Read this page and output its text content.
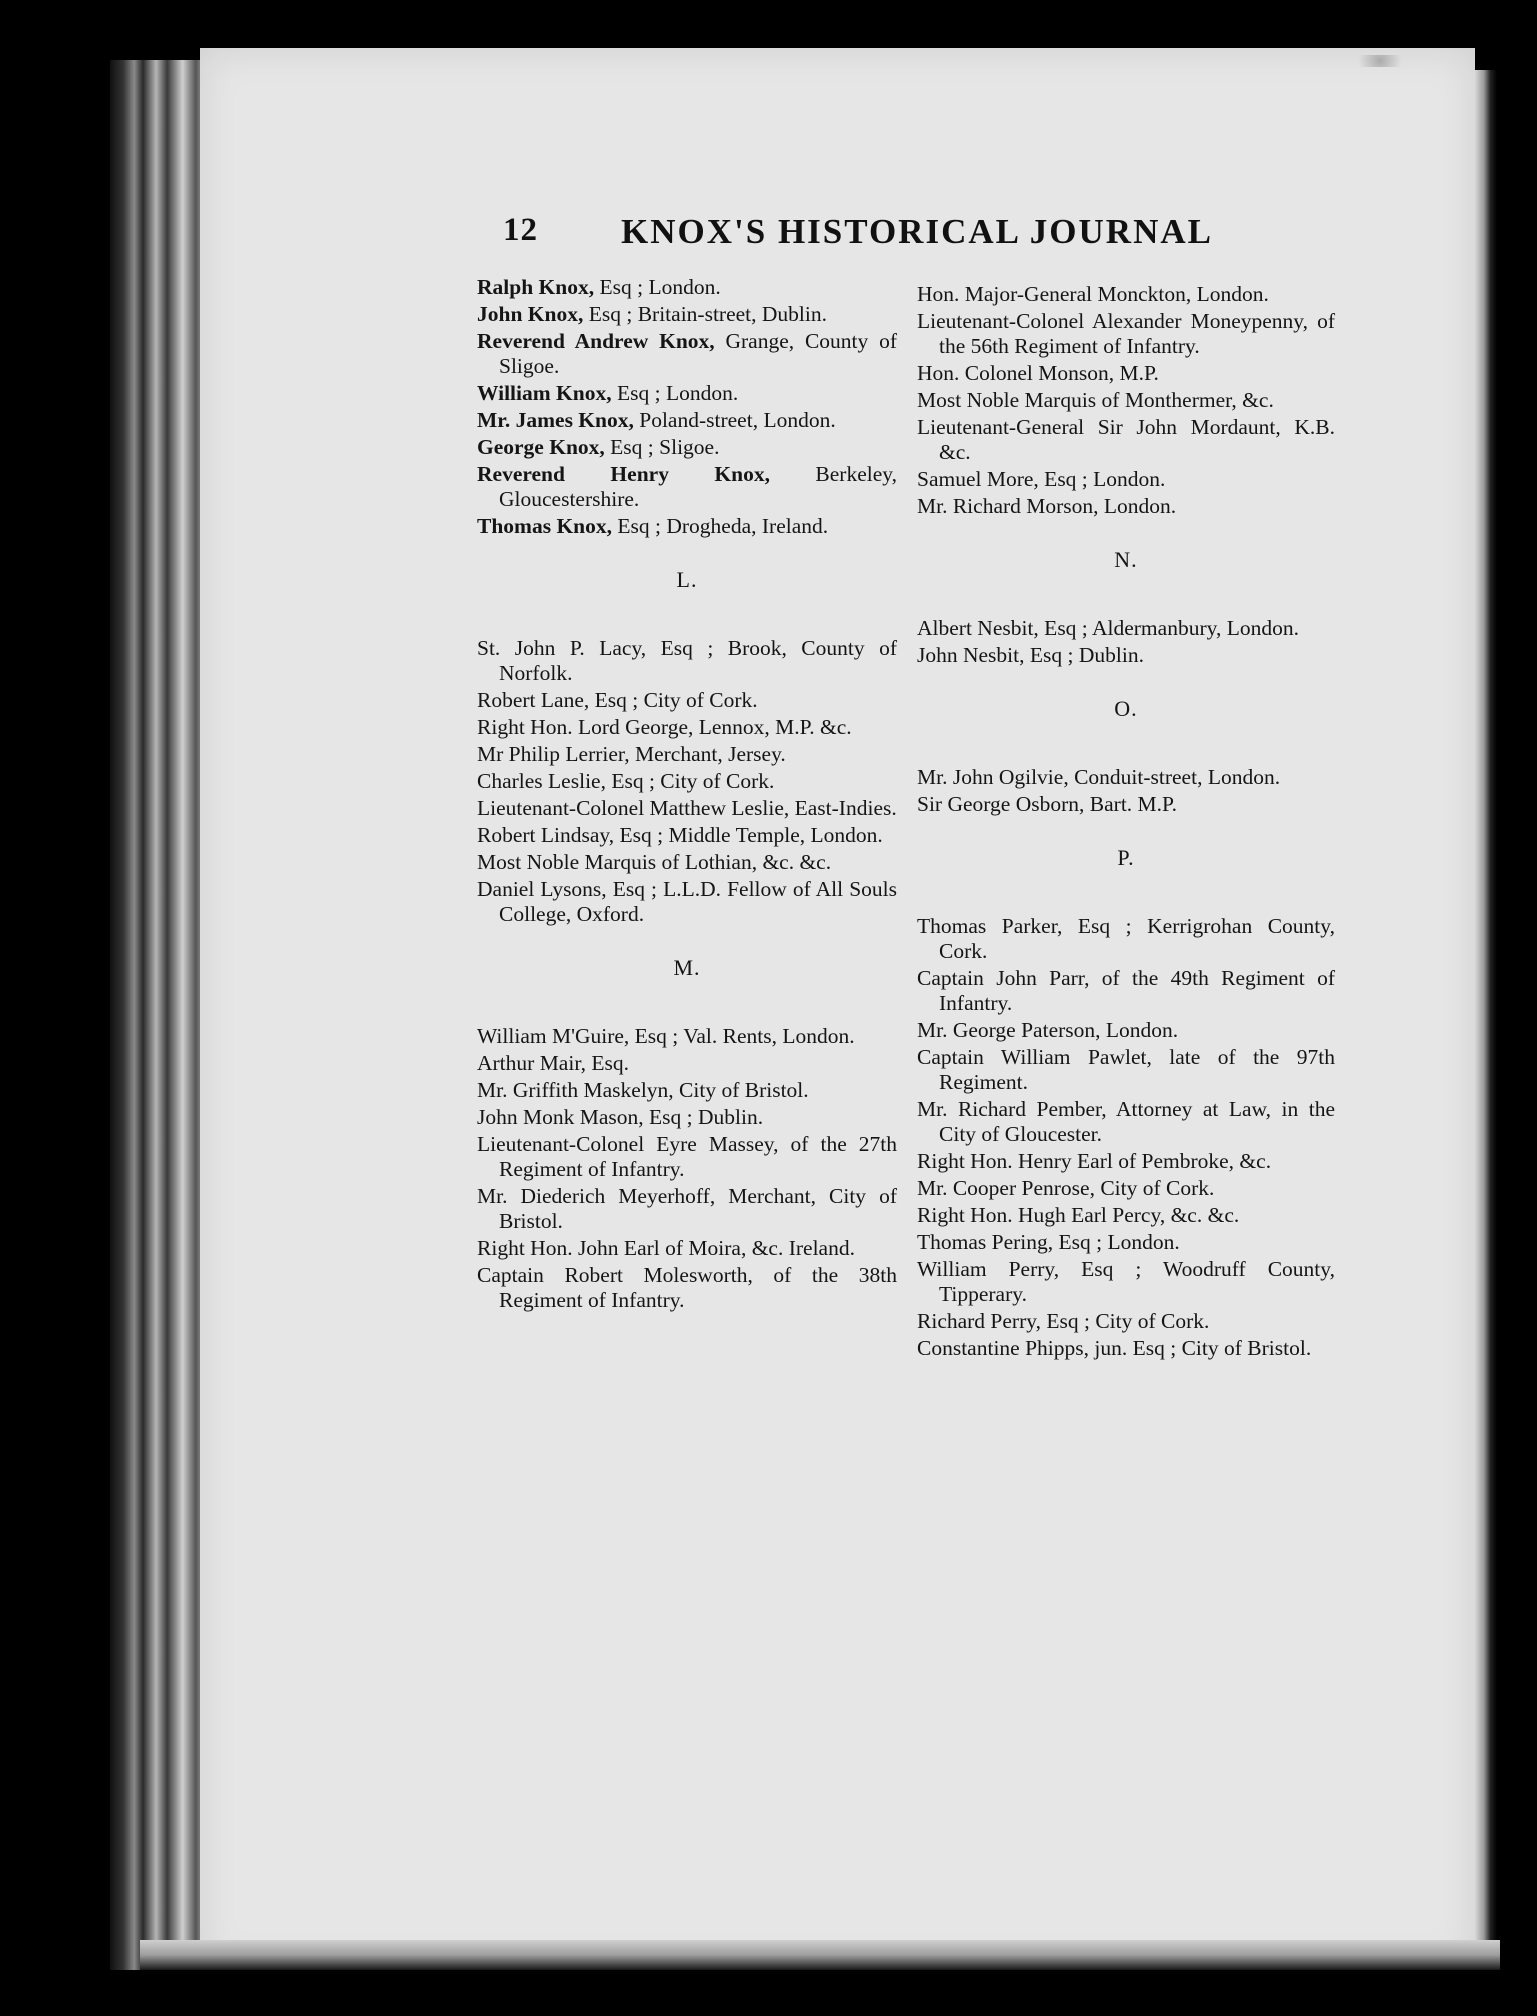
12 KNOX'S HISTORICAL JOURNAL

Ralph Knox, Esq ; London.

John Knox, Esq ; Britain-street, Dublin.

Reverend Andrew Knox, Grange, County of Sligoe.

William Knox, Esq ; London.

Mr. James Knox, Poland-street, London.

George Knox, Esq ; Sligoe.

Reverend Henry Knox, Berkeley, Gloucestershire.

Thomas Knox, Esq ; Drogheda, Ireland.

L.

St. John P. Lacy, Esq ; Brook, County of Norfolk.

Robert Lane, Esq ; City of Cork.

Right Hon. Lord George, Lennox, M.P. &c.

Mr Philip Lerrier, Merchant, Jersey.

Charles Leslie, Esq ; City of Cork.

Lieutenant-Colonel Matthew Leslie, East-Indies.

Robert Lindsay, Esq ; Middle Temple, London.

Most Noble Marquis of Lothian, &c. &c.

Daniel Lysons, Esq ; L.L.D. Fellow of All Souls College, Oxford.

M.

William M'Guire, Esq ; Val. Rents, London.

Arthur Mair, Esq.

Mr. Griffith Maskelyn, City of Bristol.

John Monk Mason, Esq ; Dublin.

Lieutenant-Colonel Eyre Massey, of the 27th Regiment of Infantry.

Mr. Diederich Meyerhoff, Merchant, City of Bristol.

Right Hon. John Earl of Moira, &c. Ireland.

Captain Robert Molesworth, of the 38th Regiment of Infantry.

Hon. Major-General Monckton, London.

Lieutenant-Colonel Alexander Moneypenny, of the 56th Regiment of Infantry.

Hon. Colonel Monson, M.P.

Most Noble Marquis of Monthermer, &c.

Lieutenant-General Sir John Mordaunt, K.B. &c.

Samuel More, Esq ; London.

Mr. Richard Morson, London.

N.

Albert Nesbit, Esq ; Aldermanbury, London.

John Nesbit, Esq ; Dublin.

O.

Mr. John Ogilvie, Conduit-street, London.

Sir George Osborn, Bart. M.P.

P.

Thomas Parker, Esq ; Kerrigrohan County, Cork.

Captain John Parr, of the 49th Regiment of Infantry.

Mr. George Paterson, London.

Captain William Pawlet, late of the 97th Regiment.

Mr. Richard Pember, Attorney at Law, in the City of Gloucester.

Right Hon. Henry Earl of Pembroke, &c.

Mr. Cooper Penrose, City of Cork.

Right Hon. Hugh Earl Percy, &c. &c.

Thomas Pering, Esq ; London.

William Perry, Esq ; Woodruff County, Tipperary.

Richard Perry, Esq ; City of Cork.

Constantine Phipps, jun. Esq ; City of Bristol.
